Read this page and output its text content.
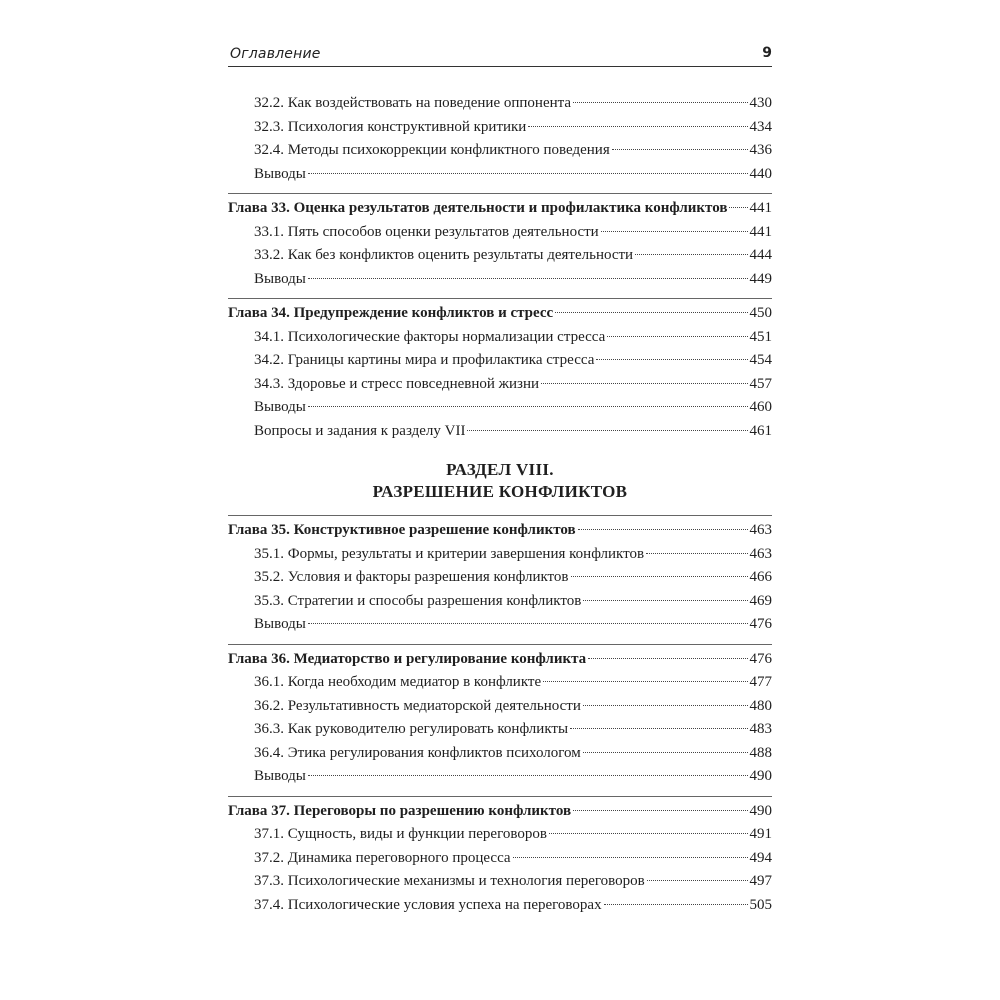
Оглавление	9
32.2. Как воздействовать на поведение оппонента	430
32.3. Психология конструктивной критики	434
32.4. Методы психокоррекции конфликтного поведения	436
Выводы	440
Глава 33. Оценка результатов деятельности и профилактика конфликтов 441
33.1. Пять способов оценки результатов деятельности	441
33.2. Как без конфликтов оценить результаты деятельности	444
Выводы	449
Глава 34. Предупреждение конфликтов и стресс	450
34.1. Психологические факторы нормализации стресса	451
34.2. Границы картины мира и профилактика стресса	454
34.3. Здоровье и стресс повседневной жизни	457
Выводы	460
Вопросы и задания к разделу VII	461
РАЗДЕЛ VIII.
РАЗРЕШЕНИЕ КОНФЛИКТОВ
Глава 35. Конструктивное разрешение конфликтов	463
35.1. Формы, результаты и критерии завершения конфликтов	463
35.2. Условия и факторы разрешения конфликтов	466
35.3. Стратегии и способы разрешения конфликтов	469
Выводы	476
Глава 36. Медиаторство и регулирование конфликта	476
36.1. Когда необходим медиатор в конфликте	477
36.2. Результативность медиаторской деятельности	480
36.3. Как руководителю регулировать конфликты	483
36.4. Этика регулирования конфликтов психологом	488
Выводы	490
Глава 37. Переговоры по разрешению конфликтов	490
37.1. Сущность, виды и функции переговоров	491
37.2. Динамика переговорного процесса	494
37.3. Психологические механизмы и технология переговоров	497
37.4. Психологические условия успеха на переговорах	505
